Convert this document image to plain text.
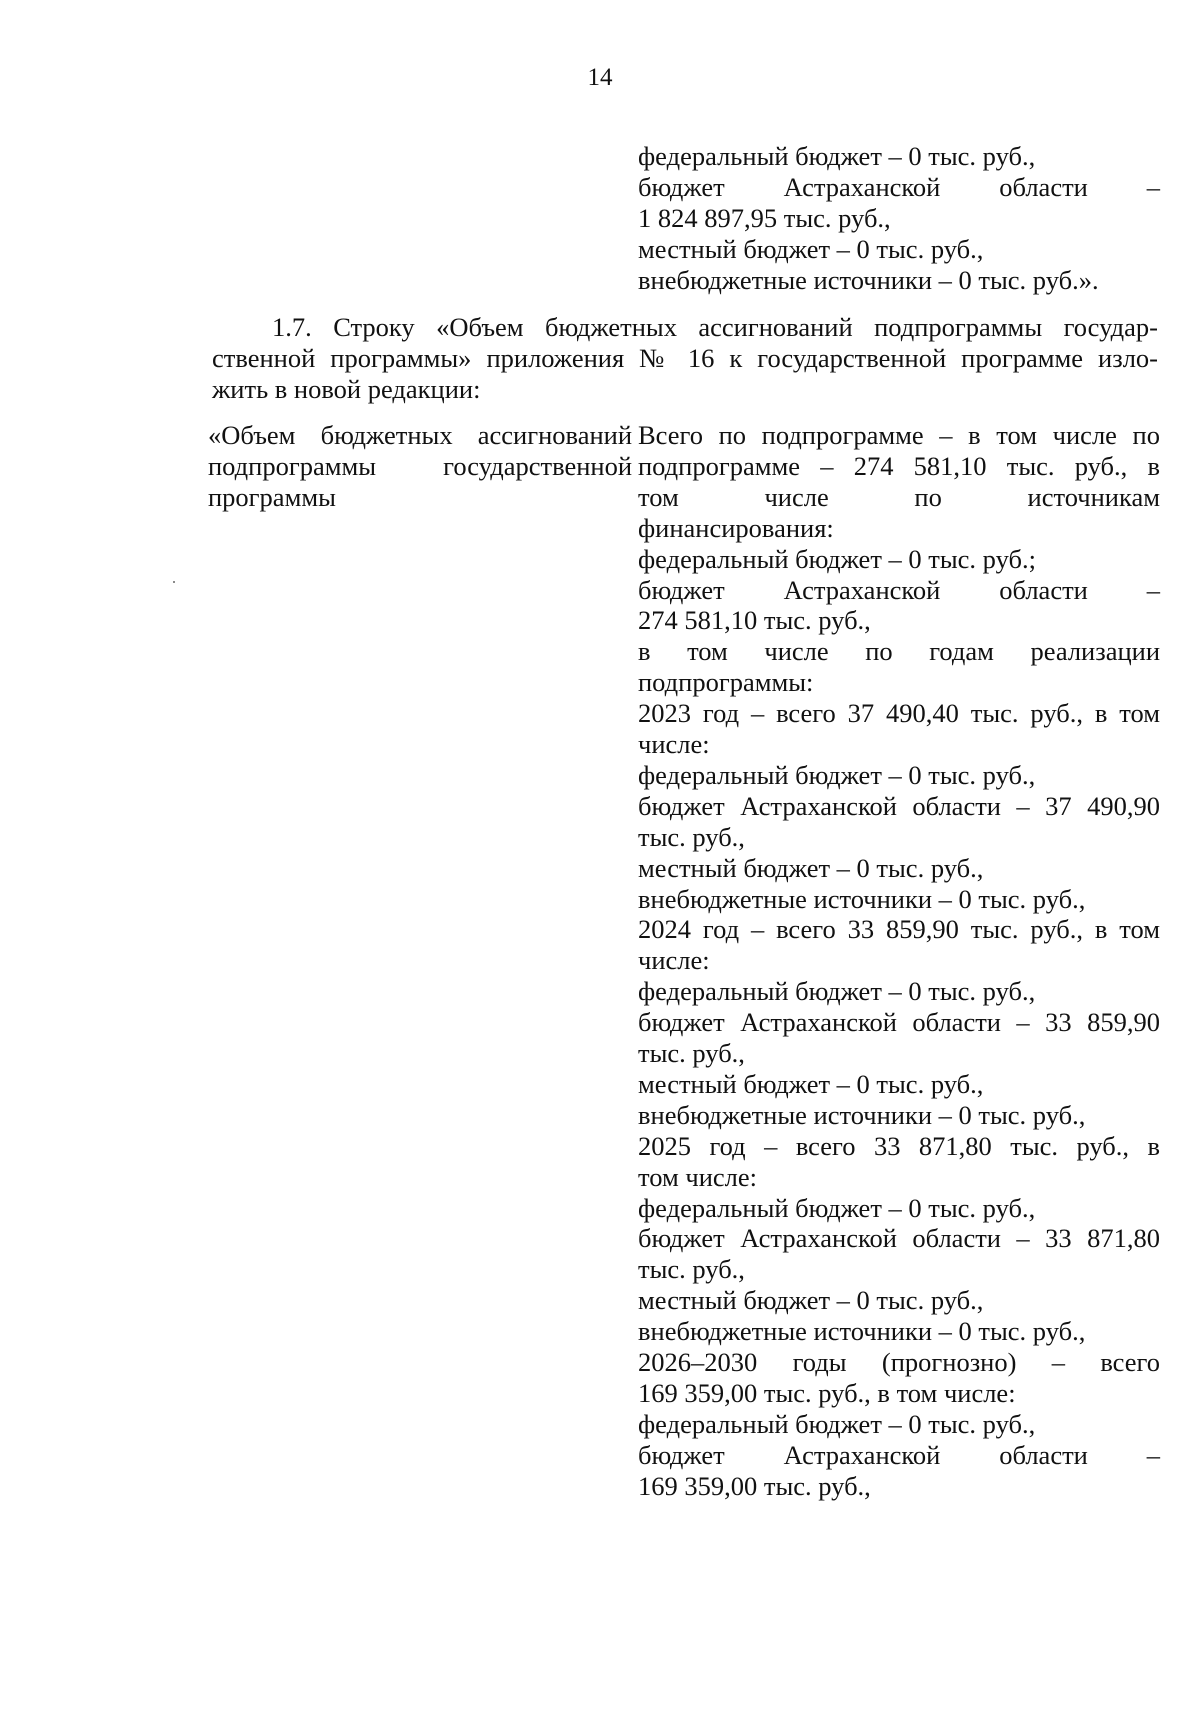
14
федеральный бюджет – 0 тыс. руб.,
бюджет Астраханской области –
1 824 897,95 тыс. руб.,
местный бюджет – 0 тыс. руб.,
внебюджетные источники – 0 тыс. руб.».
1.7. Строку «Объем бюджетных ассигнований подпрограммы государ-
ственной программы» приложения № 16 к государственной программе изло-
жить в новой редакции:
«Объем бюджетных ассигнований
подпрограммы государственной
программы
Всего по подпрограмме – в том числе по
подпрограмме – 274 581,10 тыс. руб., в
том числе по источникам
финансирования:
федеральный бюджет – 0 тыс. руб.;
бюджет Астраханской области –
274 581,10 тыс. руб.,
в том числе по годам реализации
подпрограммы:
2023 год – всего 37 490,40 тыс. руб., в том
числе:
федеральный бюджет – 0 тыс. руб.,
бюджет Астраханской области – 37 490,90
тыс. руб.,
местный бюджет – 0 тыс. руб.,
внебюджетные источники – 0 тыс. руб.,
2024 год – всего 33 859,90 тыс. руб., в том
числе:
федеральный бюджет – 0 тыс. руб.,
бюджет Астраханской области – 33 859,90
тыс. руб.,
местный бюджет – 0 тыс. руб.,
внебюджетные источники – 0 тыс. руб.,
2025 год – всего 33 871,80 тыс. руб., в
том числе:
федеральный бюджет – 0 тыс. руб.,
бюджет Астраханской области – 33 871,80
тыс. руб.,
местный бюджет – 0 тыс. руб.,
внебюджетные источники – 0 тыс. руб.,
2026–2030 годы (прогнозно) – всего
169 359,00 тыс. руб., в том числе:
федеральный бюджет – 0 тыс. руб.,
бюджет Астраханской области –
169 359,00 тыс. руб.,
